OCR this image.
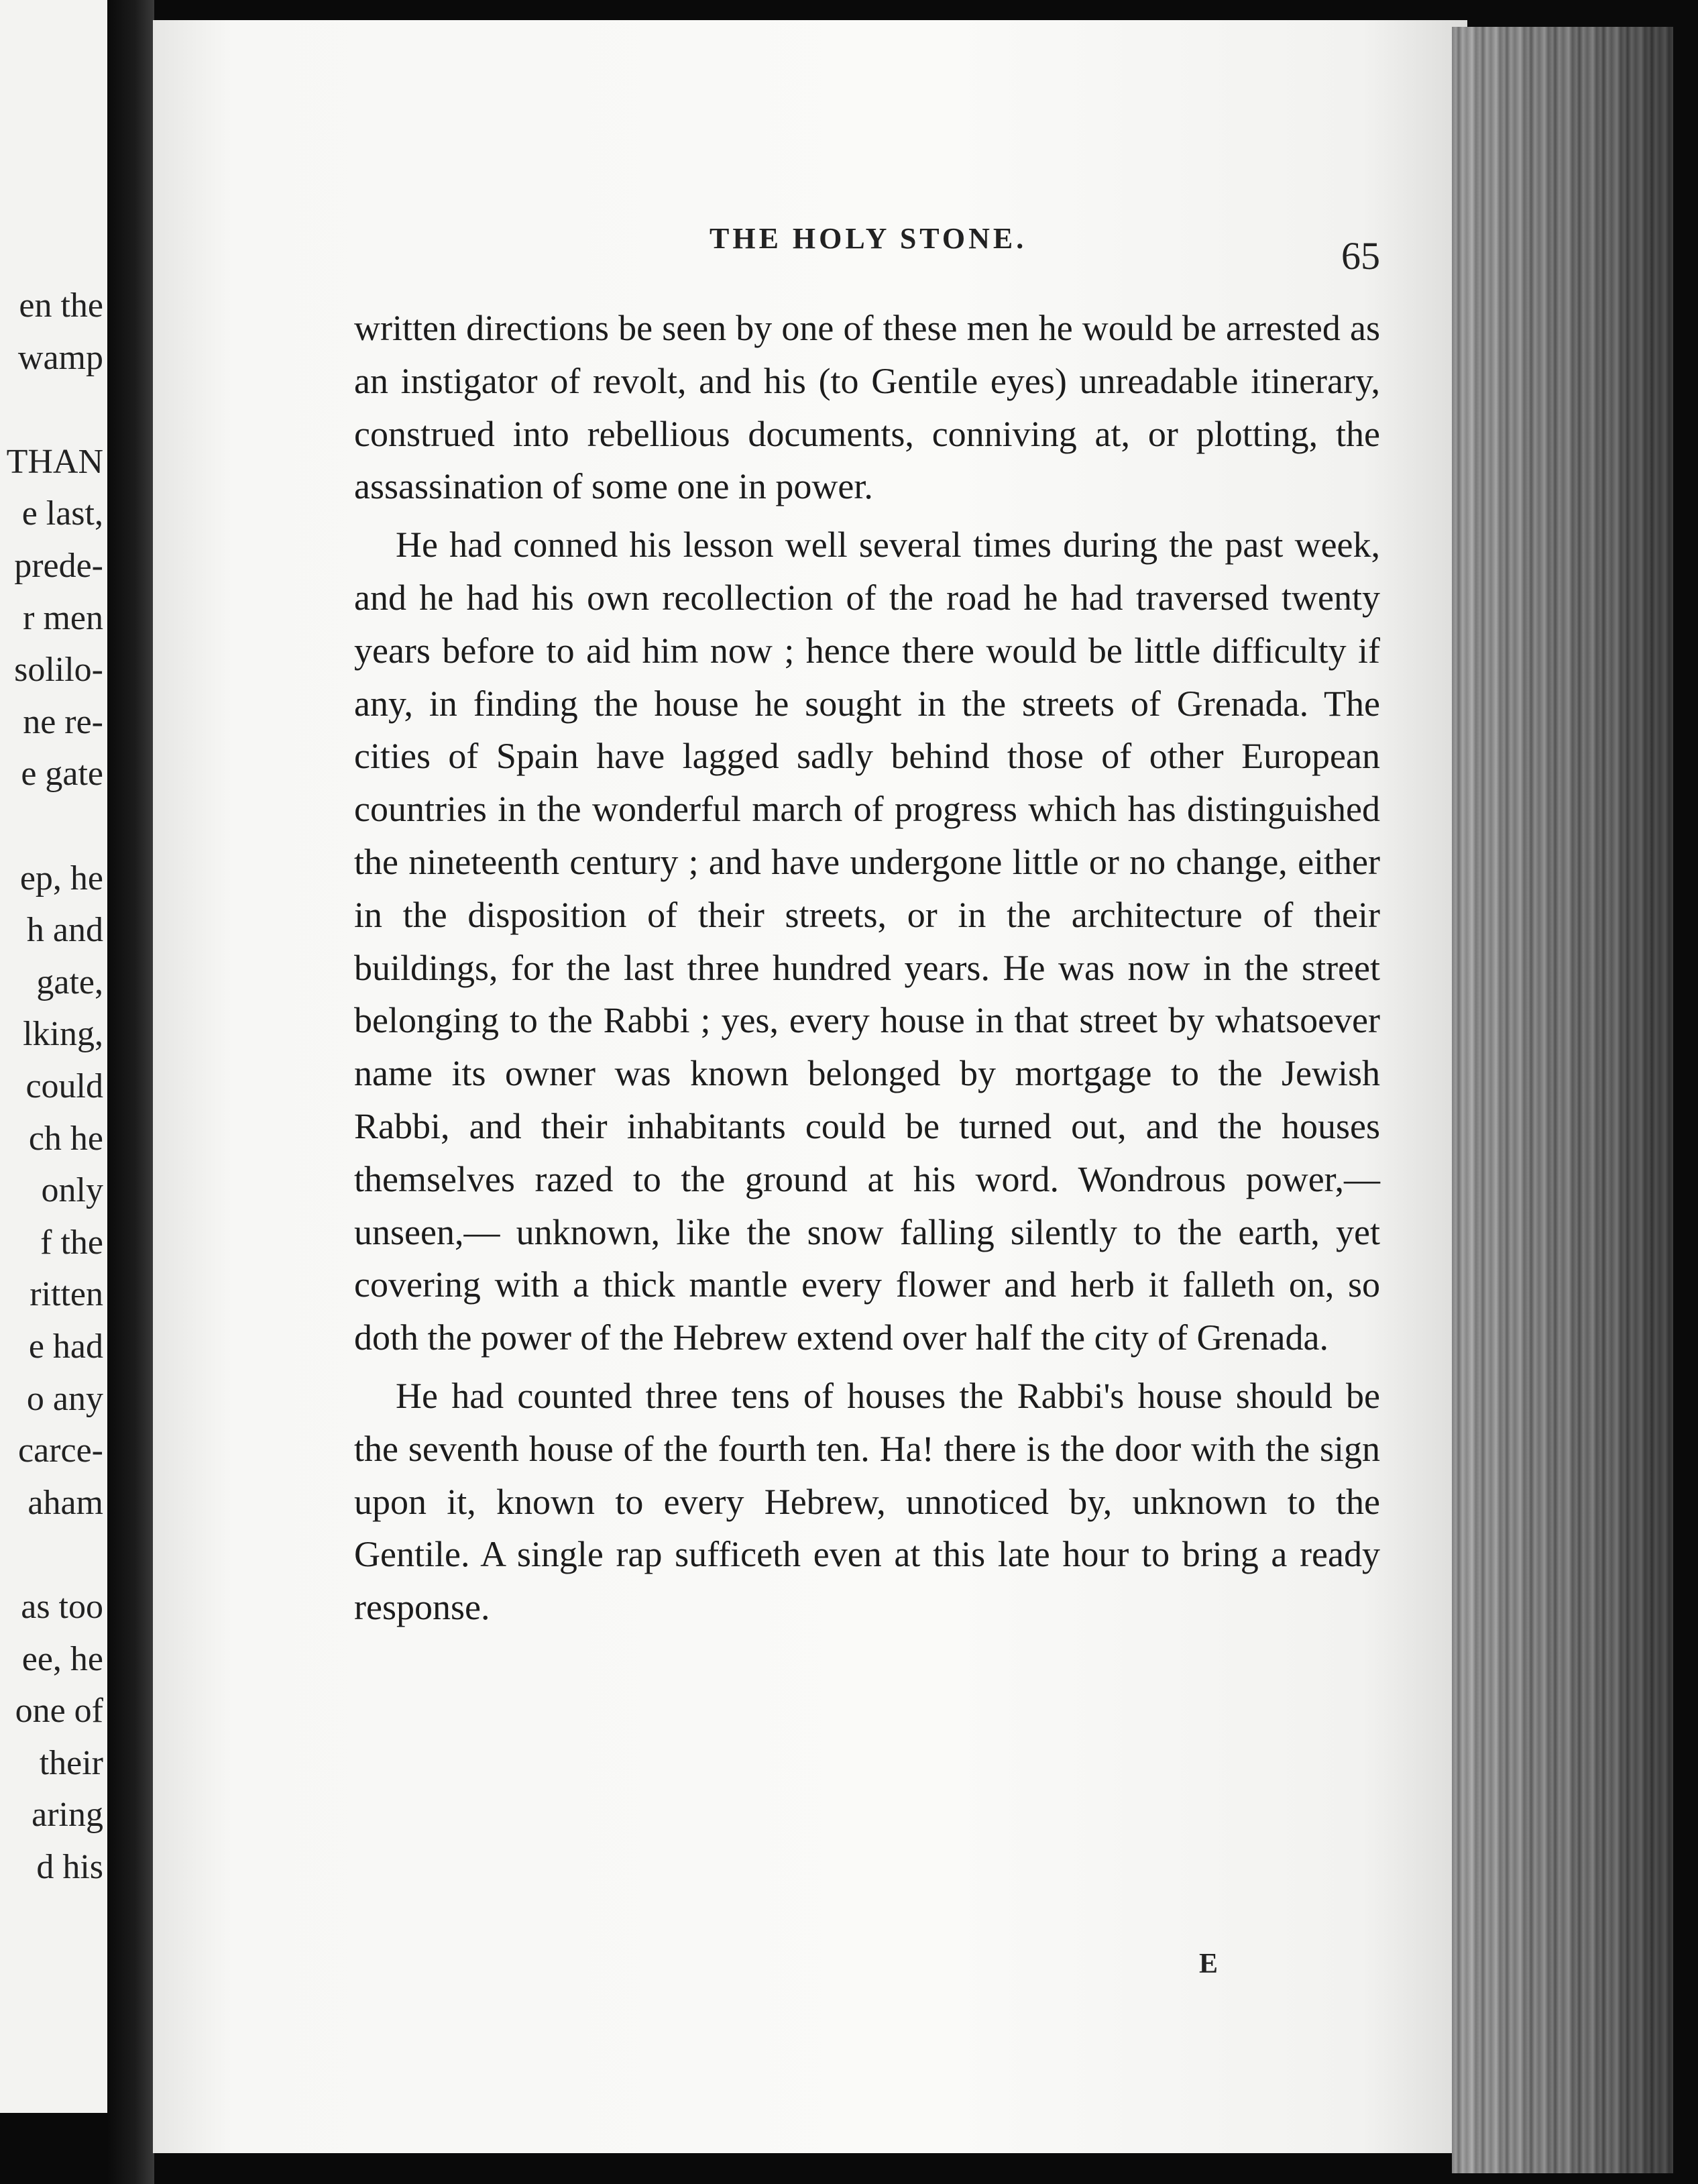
en the
wamp
THAN
e last,
prede-
r men
solilo-
ne re-
e gate
ep, he
h and
gate,
lking,
could
ch he
only
f the
ritten
e had
o any
carce-
aham
as too
ee, he
one of
their
aring
d his
THE HOLY STONE.	65

written directions be seen by one of these men he would be arrested as an instigator of revolt, and his (to Gentile eyes) unreadable itinerary, construed into rebellious documents, conniving at, or plotting, the assassination of some one in power.

He had conned his lesson well several times during the past week, and he had his own recollection of the road he had traversed twenty years before to aid him now ; hence there would be little difficulty if any, in finding the house he sought in the streets of Grenada. The cities of Spain have lagged sadly behind those of other European countries in the wonderful march of progress which has distinguished the nineteenth century ; and have undergone little or no change, either in the disposition of their streets, or in the architecture of their buildings, for the last three hundred years. He was now in the street belonging to the Rabbi ; yes, every house in that street by whatsoever name its owner was known belonged by mortgage to the Jewish Rabbi, and their inhabitants could be turned out, and the houses themselves razed to the ground at his word. Wondrous power,—unseen,— unknown, like the snow falling silently to the earth, yet covering with a thick mantle every flower and herb it falleth on, so doth the power of the Hebrew extend over half the city of Grenada.

He had counted three tens of houses the Rabbi's house should be the seventh house of the fourth ten. Ha! there is the door with the sign upon it, known to every Hebrew, unnoticed by, unknown to the Gentile. A single rap sufficeth even at this late hour to bring a ready response.

E
